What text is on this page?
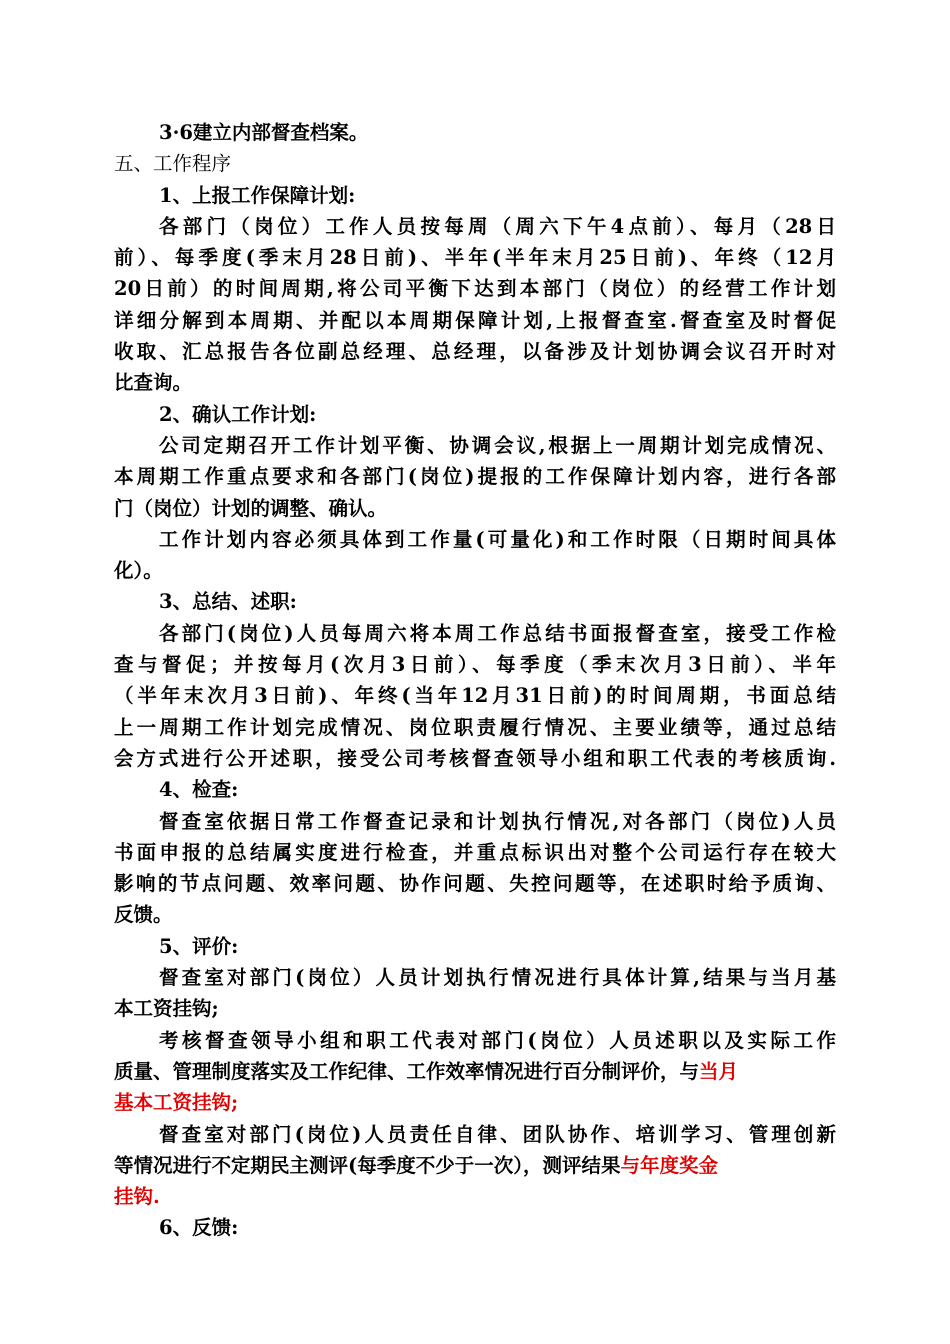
3·6建立内部督查档案。
五、工作程序
1、上报工作保障计划:
各部门（岗位）工作人员按每周（周六下午4点前）、每月（28日
前）、每季度(季末月28日前)、半年(半年末月25日前)、年终（12月
20日前）的时间周期,将公司平衡下达到本部门（岗位）的经营工作计划
详细分解到本周期、并配以本周期保障计划,上报督查室.督查室及时督促
收取、汇总报告各位副总经理、总经理，以备涉及计划协调会议召开时对
比查询。
2、确认工作计划:
公司定期召开工作计划平衡、协调会议,根据上一周期计划完成情况、
本周期工作重点要求和各部门(岗位)提报的工作保障计划内容，进行各部
门（岗位）计划的调整、确认。
工作计划内容必须具体到工作量(可量化)和工作时限（日期时间具体
化）。
3、总结、述职:
各部门(岗位)人员每周六将本周工作总结书面报督查室，接受工作检
查与督促；并按每月(次月3日前）、每季度（季末次月3日前）、半年
（半年末次月3日前)、年终(当年12月31日前)的时间周期，书面总结
上一周期工作计划完成情况、岗位职责履行情况、主要业绩等，通过总结
会方式进行公开述职，接受公司考核督查领导小组和职工代表的考核质询.
4、检查:
督查室依据日常工作督查记录和计划执行情况,对各部门（岗位)人员
书面申报的总结属实度进行检查，并重点标识出对整个公司运行存在较大
影响的节点问题、效率问题、协作问题、失控问题等，在述职时给予质询、
反馈。
5、评价:
督查室对部门(岗位）人员计划执行情况进行具体计算,结果与当月基
本工资挂钩;
考核督查领导小组和职工代表对部门(岗位）人员述职以及实际工作
质量、管理制度落实及工作纪律、工作效率情况进行百分制评价，与当月
基本工资挂钩;
督查室对部门(岗位)人员责任自律、团队协作、培训学习、管理创新
等情况进行不定期民主测评(每季度不少于一次），测评结果与年度奖金
挂钩.
6、反馈:
